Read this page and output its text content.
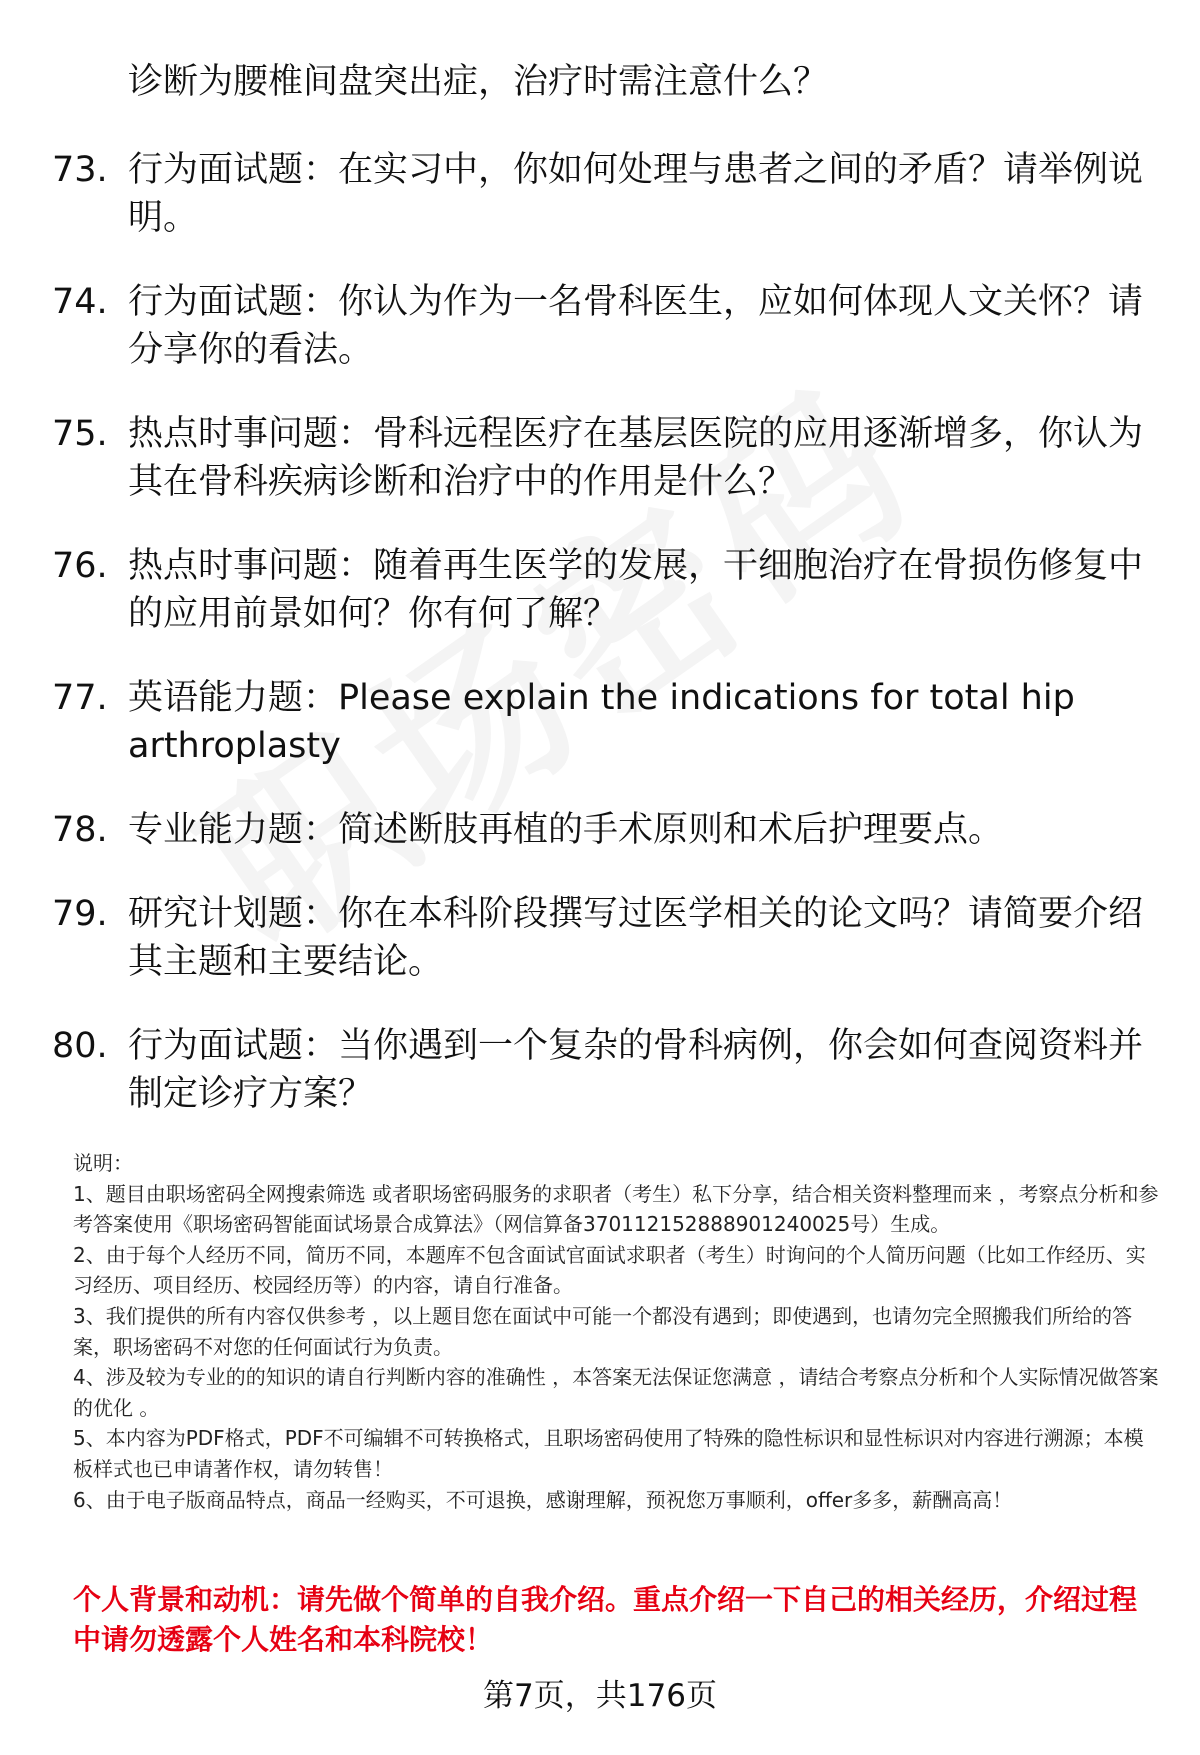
诊断为腰椎间盘突出症，治疗时需注意什么？
73. 行为面试题：在实习中，你如何处理与患者之间的矛盾？请举例说明。
74. 行为面试题：你认为作为一名骨科医生，应如何体现人文关怀？请分享你的看法。
75. 热点时事问题：骨科远程医疗在基层医院的应用逐渐增多，你认为其在骨科疾病诊断和治疗中的作用是什么？
76. 热点时事问题：随着再生医学的发展，干细胞治疗在骨损伤修复中的应用前景如何？你有何了解？
77. 英语能力题：Please explain the indications for total hip arthroplasty
78. 专业能力题：简述断肢再植的手术原则和术后护理要点。
79. 研究计划题：你在本科阶段撰写过医学相关的论文吗？请简要介绍其主题和主要结论。
80. 行为面试题：当你遇到一个复杂的骨科病例，你会如何查阅资料并制定诊疗方案？

说明：

1、题目由职场密码全网搜索筛选 或者职场密码服务的求职者（考生）私下分享，结合相关资料整理而来 ，考察点分析和参考答案使用《职场密码智能面试场景合成算法》（网信算备370112152888901240025号）生成。

2、由于每个人经历不同，简历不同，本题库不包含面试官面试求职者（考生）时询问的个人简历问题（比如工作经历、实习经历、项目经历、校园经历等）的内容，请自行准备。

3、我们提供的所有内容仅供参考 ，以上题目您在面试中可能一个都没有遇到；即使遇到，也请勿完全照搬我们所给的答案，职场密码不对您的任何面试行为负责。

4、涉及较为专业的的知识的请自行判断内容的准确性 ，本答案无法保证您满意 ，请结合考察点分析和个人实际情况做答案的优化 。

5、本内容为PDF格式，PDF不可编辑不可转换格式，且职场密码使用了特殊的隐性标识和显性标识对内容进行溯源；本模板样式也已申请著作权，请勿转售！

6、由于电子版商品特点，商品一经购买，不可退换，感谢理解，预祝您万事顺利，offer多多，薪酬高高！

个人背景和动机：请先做个简单的自我介绍。重点介绍一下自己的相关经历，介绍过程中请勿透露个人姓名和本科院校！
第7页，共176页
